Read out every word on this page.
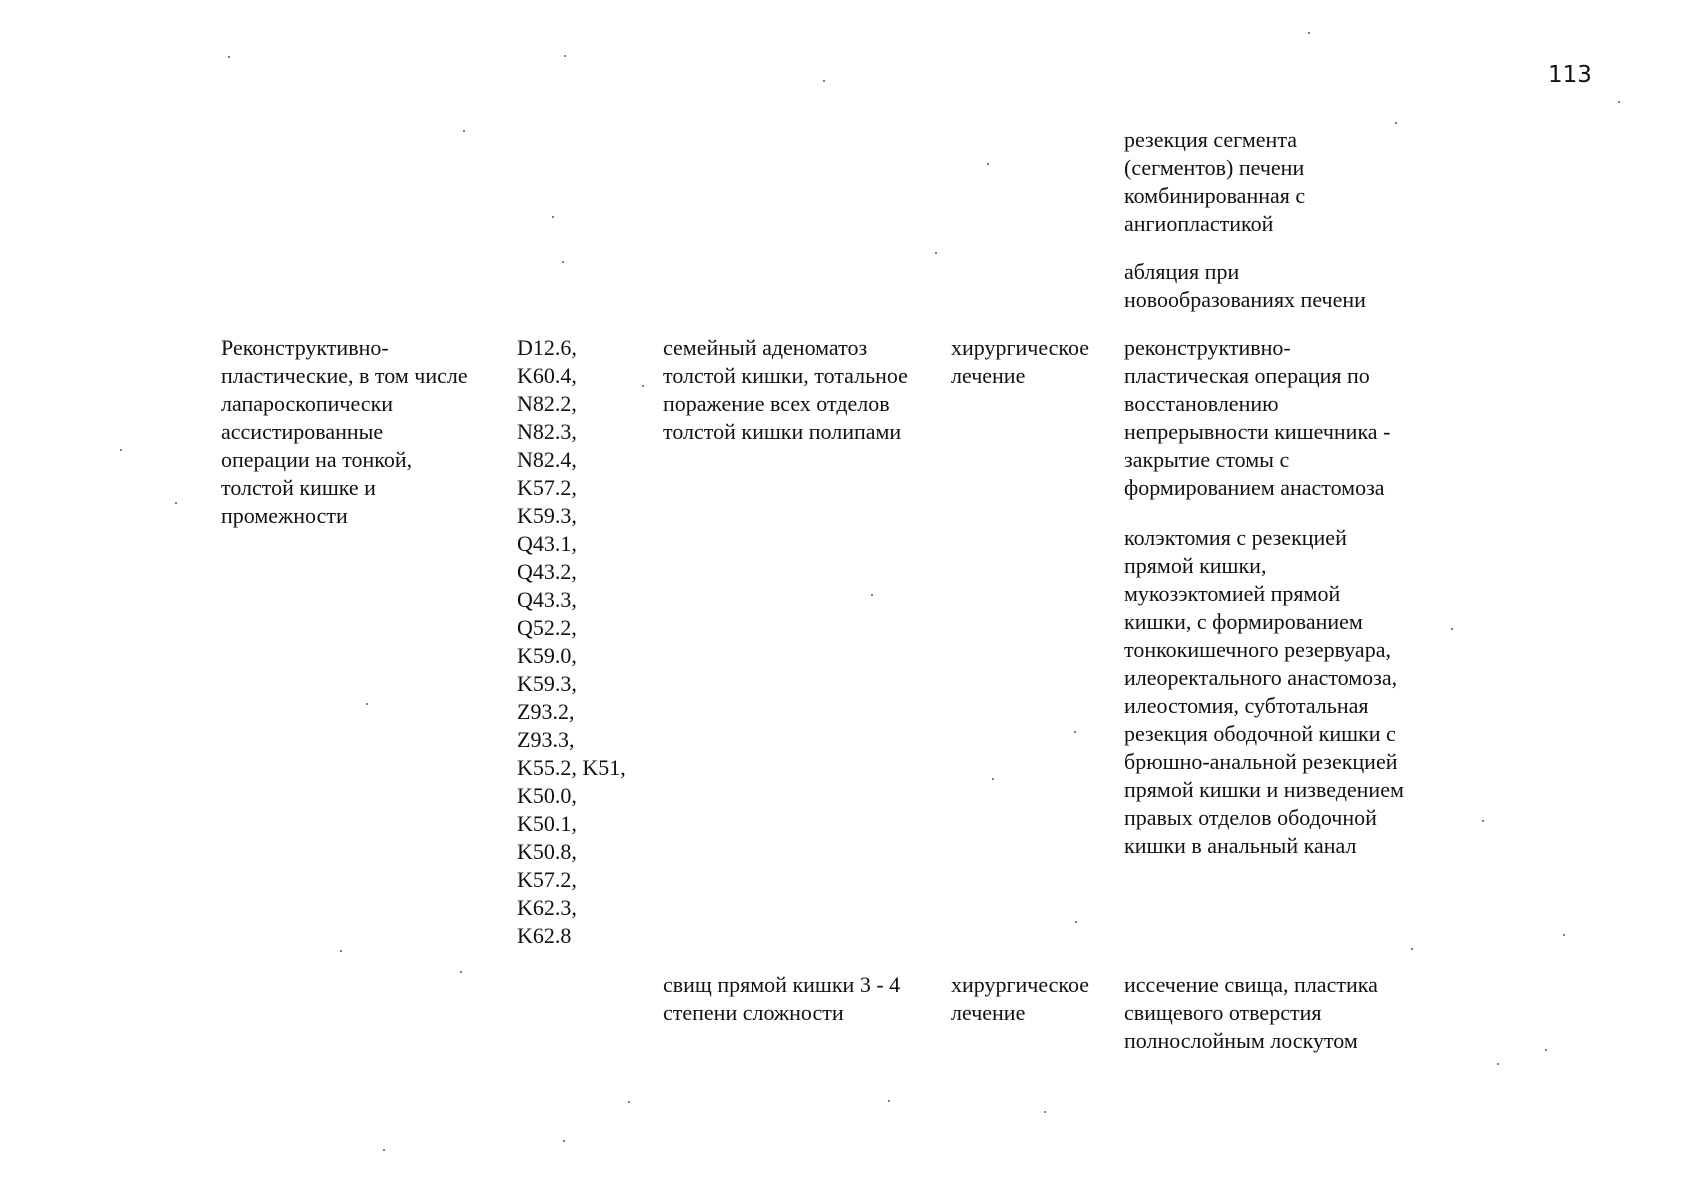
113
резекция сегмента
(сегментов) печени
комбинированная с
ангиопластикой
абляция при
новообразованиях печени
Реконструктивно-
пластические, в том числе
лапароскопически
ассистированные
операции на тонкой,
толстой кишке и
промежности
D12.6,
K60.4,
N82.2,
N82.3,
N82.4,
K57.2,
K59.3,
Q43.1,
Q43.2,
Q43.3,
Q52.2,
K59.0,
K59.3,
Z93.2,
Z93.3,
K55.2, K51,
K50.0,
K50.1,
K50.8,
K57.2,
K62.3,
K62.8
семейный аденоматоз
толстой кишки, тотальное
поражение всех отделов
толстой кишки полипами
хирургическое
лечение
реконструктивно-
пластическая операция по
восстановлению
непрерывности кишечника -
закрытие стомы с
формированием анастомоза
колэктомия с резекцией
прямой кишки,
мукозэктомией прямой
кишки, с формированием
тонкокишечного резервуара,
илеоректального анастомоза,
илеостомия, субтотальная
резекция ободочной кишки с
брюшно-анальной резекцией
прямой кишки и низведением
правых отделов ободочной
кишки в анальный канал
свищ прямой кишки 3 - 4
степени сложности
хирургическое
лечение
иссечение свища, пластика
свищевого отверстия
полнослойным лоскутом
